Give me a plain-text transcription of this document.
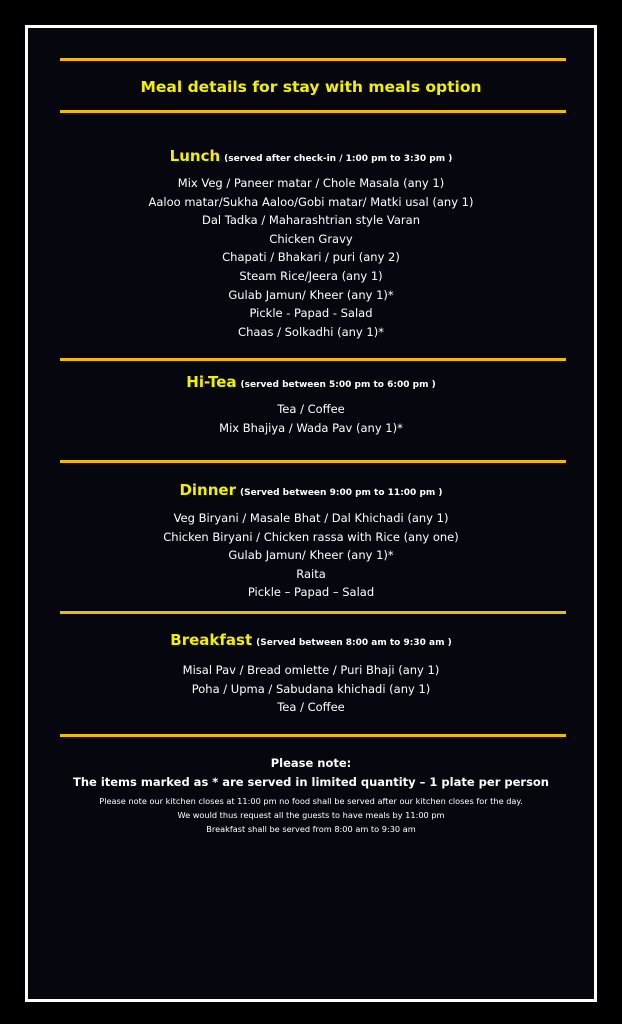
Meal details for stay with meals option
Lunch (served after check-in / 1:00 pm to 3:30 pm )
Mix Veg / Paneer matar / Chole Masala (any 1)
Aaloo matar/Sukha Aaloo/Gobi matar/ Matki usal (any 1)
Dal Tadka / Maharashtrian style Varan
Chicken Gravy
Chapati / Bhakari / puri (any 2)
Steam Rice/Jeera (any 1)
Gulab Jamun/ Kheer (any 1)*
Pickle - Papad - Salad
Chaas / Solkadhi (any 1)*
Hi-Tea (served between 5:00 pm to 6:00 pm )
Tea / Coffee
Mix Bhajiya / Wada Pav (any 1)*
Dinner (Served between 9:00 pm to 11:00 pm )
Veg Biryani / Masale Bhat / Dal Khichadi (any 1)
Chicken Biryani / Chicken rassa with Rice (any one)
Gulab Jamun/ Kheer (any 1)*
Raita
Pickle – Papad – Salad
Breakfast (Served between 8:00 am to 9:30 am )
Misal Pav / Bread omlette / Puri Bhaji (any 1)
Poha / Upma / Sabudana khichadi (any 1)
Tea / Coffee
Please note:
The items marked as * are served in limited quantity – 1 plate per person
Please note our kitchen closes at 11:00 pm no food shall be served after our kitchen closes for the day.
We would thus request all the guests to have meals by 11:00 pm
Breakfast shall be served from 8:00 am to 9:30 am
